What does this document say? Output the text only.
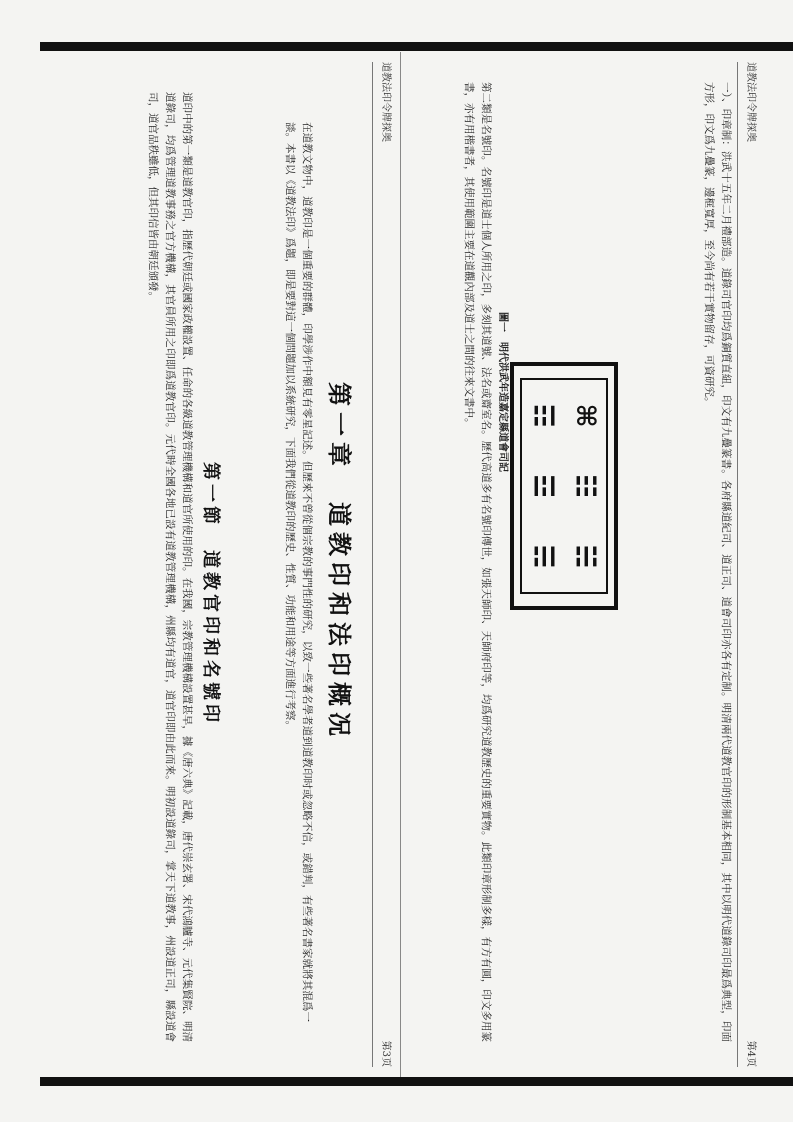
道教法印令牌探奥
第3页
第一章　道教印和法印概况
在道教文物中，道教印是一個重要的群體，印學涉作中額見有零星記述。但歷來不曾從個宗教的事門性的研究，以致一些著名學者道到道教印时或忽略不信，或錯判，有些著名書家就將其混爲一談。本書以《道教法印》爲題，即是要對這一個問題加以系統研究，下面我們從道教印的歷史、性質、功能和用途等方面進行考察。
第一節　道教官印和名號印
道印中的第一類是道教官印，指歷代朝廷或國家政權設置、任命的各級道教管理機構和道官所使用的印。在我國，宗教管理機構設置甚早，據《唐六典》記載，唐代崇玄署、宋代鴻臚寺、元代集賢院、明清道錄司，均爲管理道教事務之官方機構，其官員所用之印即爲道教官印。元代時全國各地已設有道教管理機構，州縣均有道官，道官印即由此而來。明初設道錄司，掌天下道教事，州設道正司，縣設道會司，道官品秩雖低，但其印信皆由朝廷頒發。	道教法印令牌探奥
第4页
一）、印章制：洪武十五年二月禮部造。道錄司官印均爲銅質直紐，印文有九疊篆書。各府縣道紀司、道正司、道會司印亦各有定制。明清兩代道教官印的形制基本相同，其中以明代道錄司印最爲典型，印面方形，印文爲九疊篆，邊框寬厚，至今尚有若干實物留存，可資研究。
⌘
☷
☵
☶
☲
☴
圖一　明代洪武年造嘉定縣道會司記
第二類是名號印。名號印是道士個人所用之印，多刻其道號、法名或齋室名。歷代高道多有名號印傳世，如張天師印、天師府印等，均爲研究道教歷史的重要實物。此類印章形制多樣，有方有圓，印文多用篆書，亦有用楷書者，其使用範圍主要在道觀內部及道士之間的往來文書中。
